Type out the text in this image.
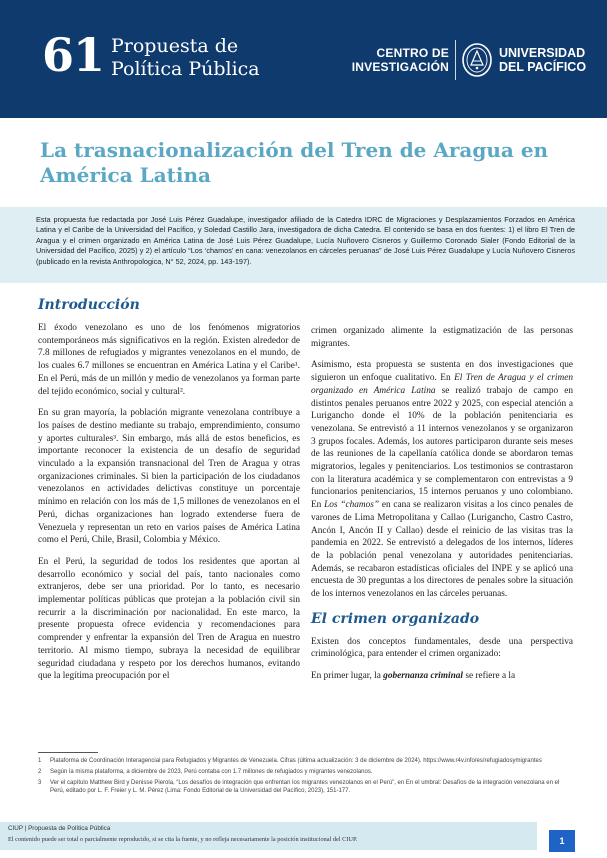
61 Propuesta de
Política Pública
CENTRO DE
INVESTIGACIÓN
UNIVERSIDAD
DEL PACÍFICO
La trasnacionalización del Tren de Aragua en América Latina
Esta propuesta fue redactada por José Luis Pérez Guadalupe, investigador afiliado de la Catedra IDRC de Migraciones y Desplazamientos Forzados en América Latina y el Caribe de la Universidad del Pacífico, y Soledad Castillo Jara, investigadora de dicha Catedra. El contenido se basa en dos fuentes: 1) el libro El Tren de Aragua y el crimen organizado en América Latina de José Luis Pérez Guadalupe, Lucía Nuñovero Cisneros y Guillermo Coronado Sialer (Fondo Editorial de la Universidad del Pacífico, 2025) y 2) el artículo “Los ‘chamos’ en cana: venezolanos en cárceles peruanas” de José Luis Pérez Guadalupe y Lucía Nuñovero Cisneros (publicado en la revista Anthropologica, N° 52, 2024, pp. 143-197).
Introducción

El éxodo venezolano es uno de los fenómenos migratorios contemporáneos más significativos en la región. Existen alrededor de 7.8 millones de refugiados y migrantes venezolanos en el mundo, de los cuales 6.7 millones se encuentran en América Latina y el Caribe¹. En el Perú, más de un millón y medio de venezolanos ya forman parte del tejido económico, social y cultural².

En su gran mayoría, la población migrante venezolana contribuye a los países de destino mediante su trabajo, emprendimiento, consumo y aportes culturales³. Sin embargo, más allá de estos beneficios, es importante reconocer la existencia de un desafío de seguridad vinculado a la expansión transnacional del Tren de Aragua y otras organizaciones criminales. Si bien la participación de los ciudadanos venezolanos en actividades delictivas constituye un porcentaje mínimo en relación con los más de 1,5 millones de venezolanos en el Perú, dichas organizaciones han logrado extenderse fuera de Venezuela y representan un reto en varios países de América Latina como el Perú, Chile, Brasil, Colombia y México.

En el Perú, la seguridad de todos los residentes que aportan al desarrollo económico y social del país, tanto nacionales como extranjeros, debe ser una prioridad. Por lo tanto, es necesario implementar políticas públicas que protejan a la población civil sin recurrir a la discriminación por nacionalidad. En este marco, la presente propuesta ofrece evidencia y recomendaciones para comprender y enfrentar la expansión del Tren de Aragua en nuestro territorio. Al mismo tiempo, subraya la necesidad de equilibrar seguridad ciudadana y respeto por los derechos humanos, evitando que la legítima preocupación por el

crimen organizado alimente la estigmatización de las personas migrantes.

Asimismo, esta propuesta se sustenta en dos investigaciones que siguieron un enfoque cualitativo. En El Tren de Aragua y el crimen organizado en América Latina se realizó trabajo de campo en distintos penales peruanos entre 2022 y 2025, con especial atención a Lurigancho donde el 10% de la población penitenciaria es venezolana. Se entrevistó a 11 internos venezolanos y se organizaron 3 grupos focales. Además, los autores participaron durante seis meses de las reuniones de la capellanía católica donde se abordaron temas migratorios, legales y penitenciarios. Los testimonios se contrastaron con la literatura académica y se complementaron con entrevistas a 9 funcionarios penitenciarios, 15 internos peruanos y uno colombiano. En Los “chamos” en cana se realizaron visitas a los cinco penales de varones de Lima Metropolitana y Callao (Lurigancho, Castro Castro, Ancón I, Ancón II y Callao) desde el reinicio de las visitas tras la pandemia en 2022. Se entrevistó a delegados de los internos, líderes de la población penal venezolana y autoridades penitenciarias. Además, se recabaron estadísticas oficiales del INPE y se aplicó una encuesta de 30 preguntas a los directores de penales sobre la situación de los internos venezolanos en las cárceles peruanas.

El crimen organizado

Existen dos conceptos fundamentales, desde una perspectiva criminológica, para entender el crimen organizado:

En primer lugar, la gobernanza criminal se refiere a la

1	Plataforma de Coordinación Interagencial para Refugiados y Migrantes de Venezuela. Cifras (última actualización: 3 de diciembre de 2024). https://www.r4v.info/es/refugiadosymigrantes
2	Según la misma plataforma, a diciembre de 2023, Perú contaba con 1.7 millones de refugiados y migrantes venezolanos.
3	Ver el capítulo Matthew Bird y Denisse Pierola, “Los desafíos de integración que enfrentan los migrantes venezolanos en el Perú”, en En el umbral: Desafíos de la integración venezolana en el Perú, editado por L. F. Freier y L. M. Pérez (Lima: Fondo Editorial de la Universidad del Pacífico, 2023), 151-177.
CIUP | Propuesta de Política Pública
El contenido puede ser total o parcialmente reproducido, si se cita la fuente, y no refleja necesariamente la posición institucional del CIUP.	1
